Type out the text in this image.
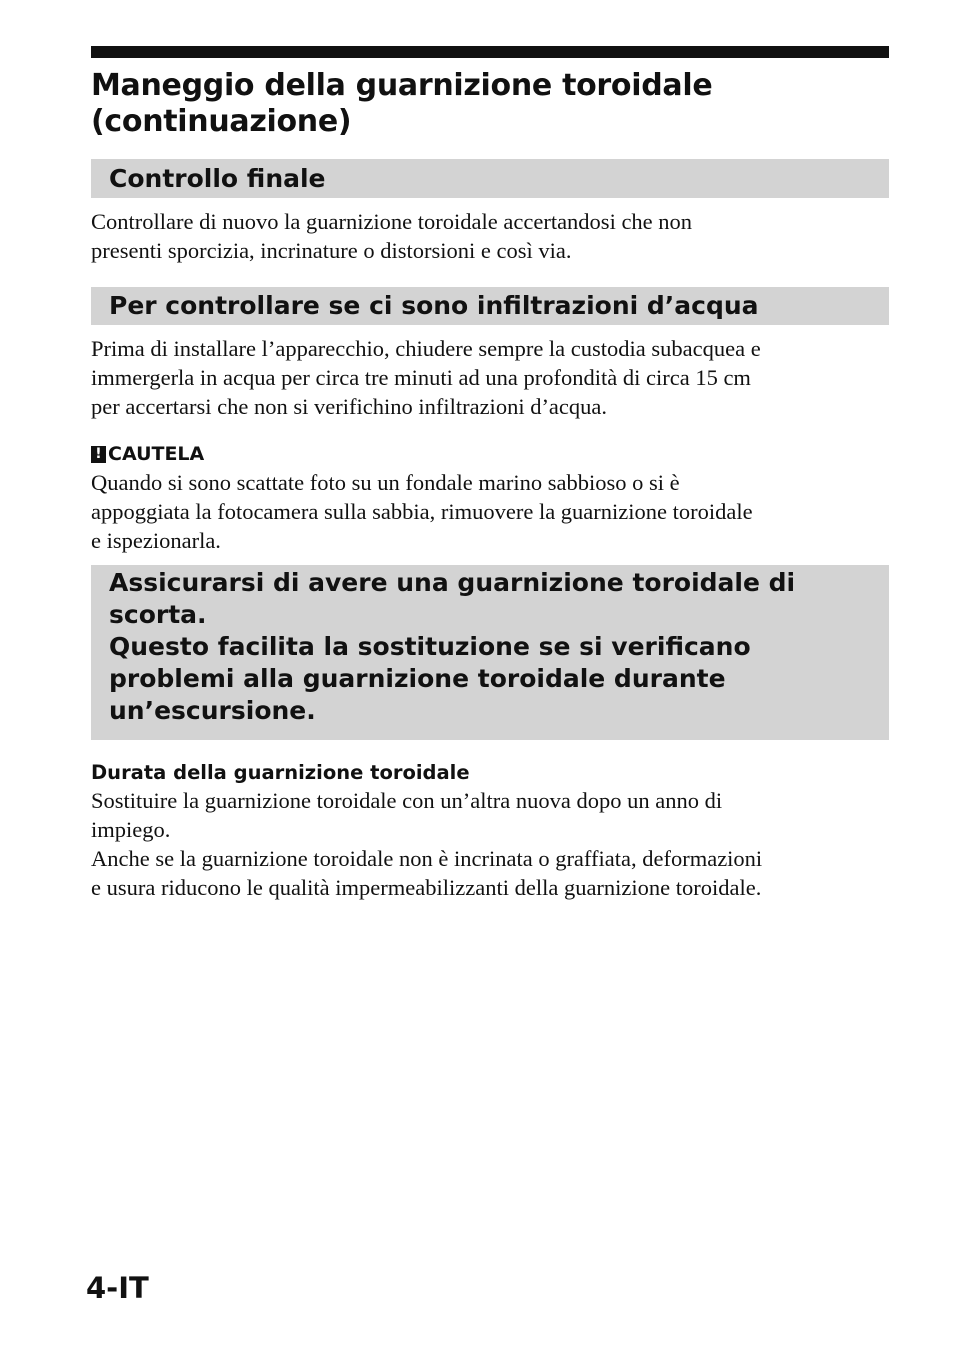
Maneggio della guarnizione toroidale
(continuazione)
Controllo finale
Controllare di nuovo la guarnizione toroidale accertandosi che non
presenti sporcizia, incrinature o distorsioni e così via.
Per controllare se ci sono infiltrazioni d’acqua
Prima di installare l’apparecchio, chiudere sempre la custodia subacquea e
immergerla in acqua per circa tre minuti ad una profondità di circa 15 cm
per accertarsi che non si verifichino infiltrazioni d’acqua.
! CAUTELA
Quando si sono scattate foto su un fondale marino sabbioso o si è
appoggiata la fotocamera sulla sabbia, rimuovere la guarnizione toroidale
e ispezionarla.
Assicurarsi di avere una guarnizione toroidale di
scorta.
Questo facilita la sostituzione se si verificano
problemi alla guarnizione toroidale durante
un’escursione.
Durata della guarnizione toroidale
Sostituire la guarnizione toroidale con un’altra nuova dopo un anno di
impiego.
Anche se la guarnizione toroidale non è incrinata o graffiata, deformazioni
e usura riducono le qualità impermeabilizzanti della guarnizione toroidale.
4-IT
